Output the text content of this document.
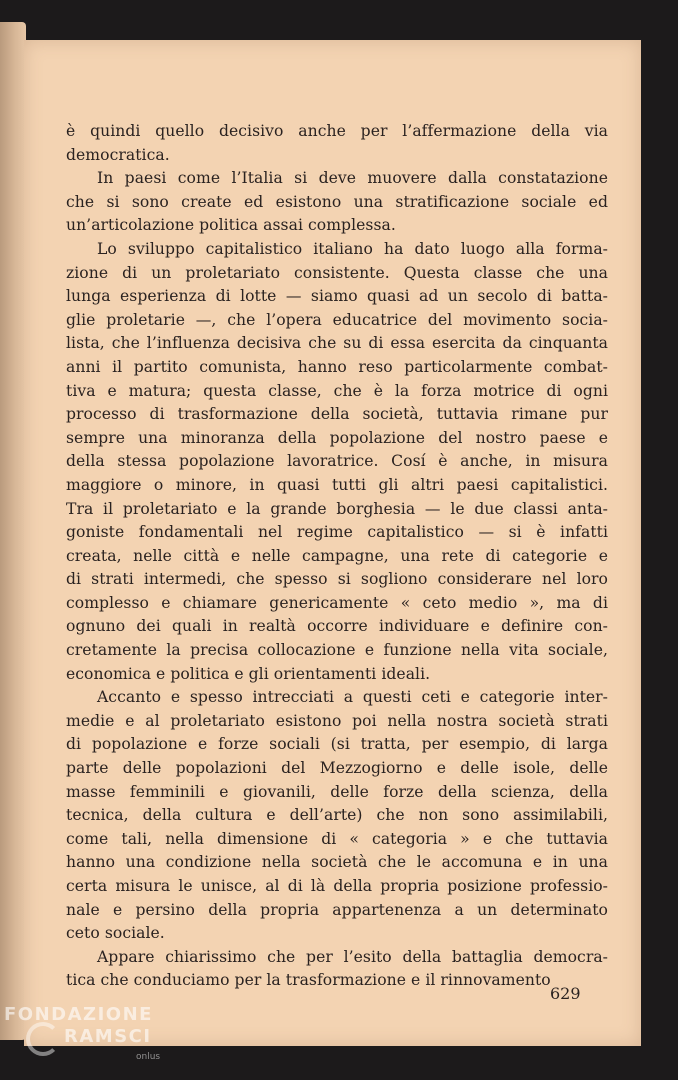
è quindi quello decisivo anche per l’affermazione della via
democratica.

In paesi come l’Italia si deve muovere dalla constatazione
che si sono create ed esistono una stratificazione sociale ed
un’articolazione politica assai complessa.

Lo sviluppo capitalistico italiano ha dato luogo alla forma-
zione di un proletariato consistente. Questa classe che una
lunga esperienza di lotte — siamo quasi ad un secolo di batta-
glie proletarie —, che l’opera educatrice del movimento socia-
lista, che l’influenza decisiva che su di essa esercita da cinquanta
anni il partito comunista, hanno reso particolarmente combat-
tiva e matura; questa classe, che è la forza motrice di ogni
processo di trasformazione della società, tuttavia rimane pur
sempre una minoranza della popolazione del nostro paese e
della stessa popolazione lavoratrice. Cosí è anche, in misura
maggiore o minore, in quasi tutti gli altri paesi capitalistici.
Tra il proletariato e la grande borghesia — le due classi anta-
goniste fondamentali nel regime capitalistico — si è infatti
creata, nelle città e nelle campagne, una rete di categorie e
di strati intermedi, che spesso si sogliono considerare nel loro
complesso e chiamare genericamente « ceto medio », ma di
ognuno dei quali in realtà occorre individuare e definire con-
cretamente la precisa collocazione e funzione nella vita sociale,
economica e politica e gli orientamenti ideali.

Accanto e spesso intrecciati a questi ceti e categorie inter-
medie e al proletariato esistono poi nella nostra società strati
di popolazione e forze sociali (si tratta, per esempio, di larga
parte delle popolazioni del Mezzogiorno e delle isole, delle
masse femminili e giovanili, delle forze della scienza, della
tecnica, della cultura e dell’arte) che non sono assimilabili,
come tali, nella dimensione di « categoria » e che tuttavia
hanno una condizione nella società che le accomuna e in una
certa misura le unisce, al di là della propria posizione professio-
nale e persino della propria appartenenza a un determinato
ceto sociale.

Appare chiarissimo che per l’esito della battaglia democra-
tica che conduciamo per la trasformazione e il rinnovamento

629
FONDAZIONE
RAMSCI
onlus
